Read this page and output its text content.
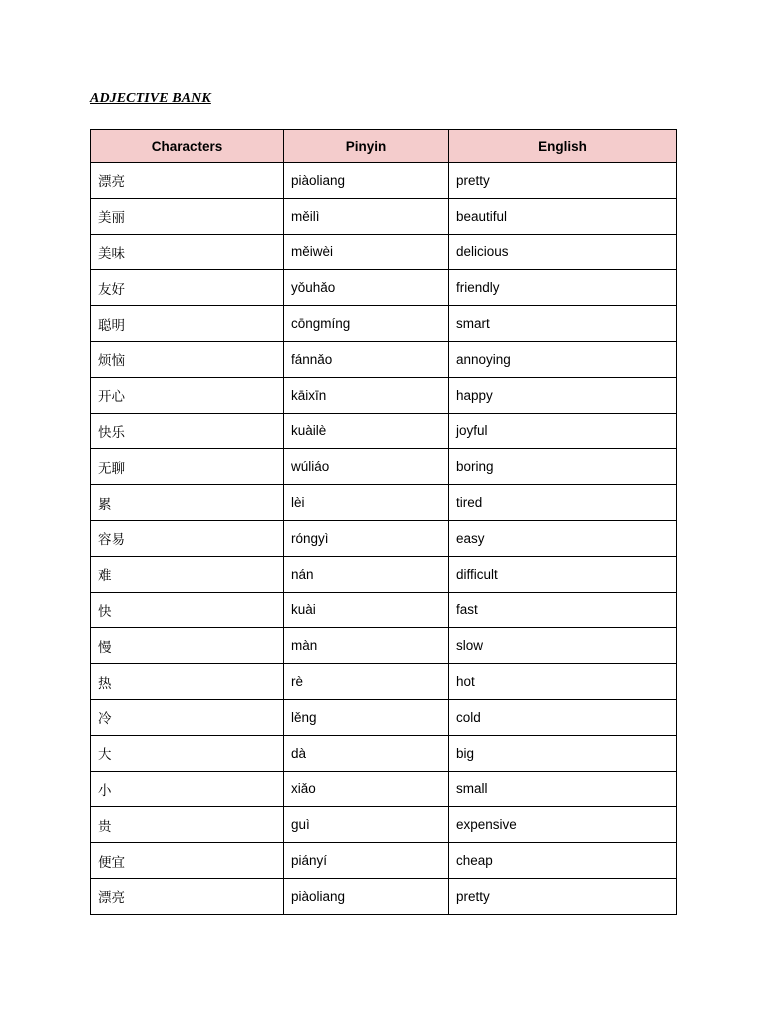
ADJECTIVE BANK
Characters	Pinyin	English
漂亮	piàoliang	pretty
美丽	měilì	beautiful
美味	měiwèi	delicious
友好	yǒuhǎo	friendly
聪明	cōngmíng	smart
烦恼	fánnǎo	annoying
开心	kāixīn	happy
快乐	kuàilè	joyful
无聊	wúliáo	boring
累	lèi	tired
容易	róngyì	easy
难	nán	difficult
快	kuài	fast
慢	màn	slow
热	rè	hot
冷	lěng	cold
大	dà	big
小	xiǎo	small
贵	guì	expensive
便宜	piányí	cheap
漂亮	piàoliang	pretty
